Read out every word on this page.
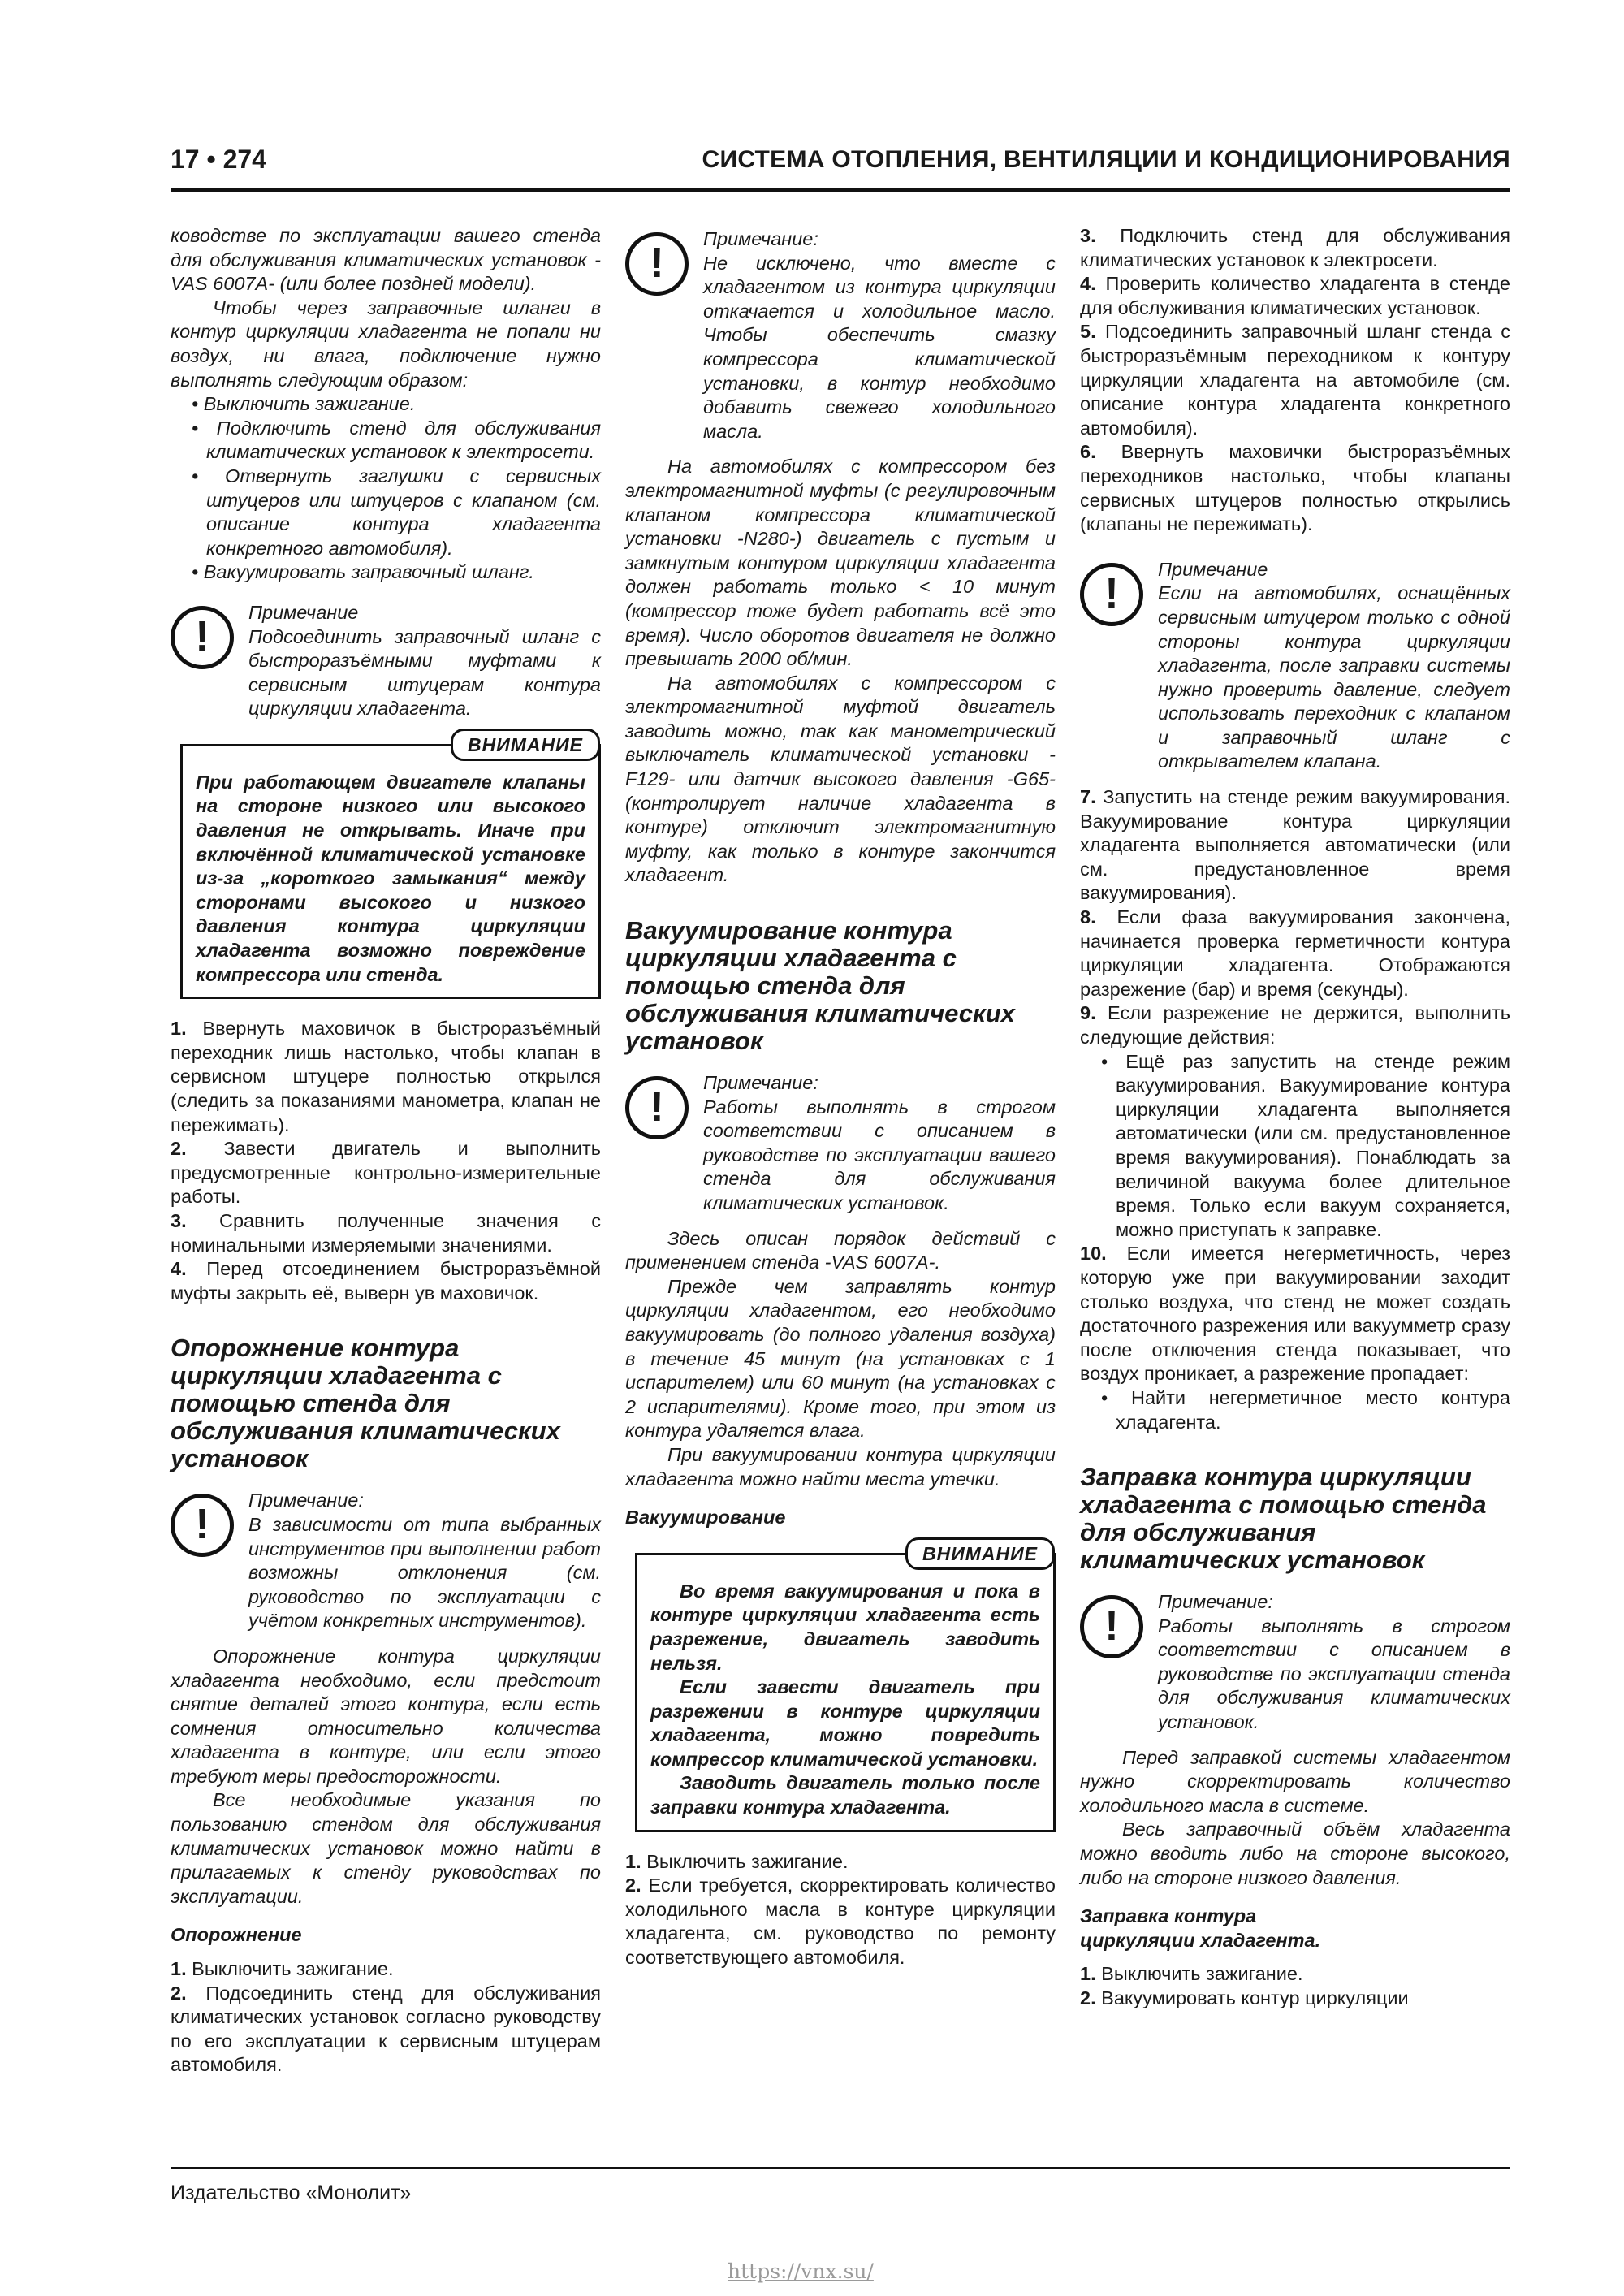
17 • 274	СИСТЕМА ОТОПЛЕНИЯ, ВЕНТИЛЯЦИИ И КОНДИЦИОНИРОВАНИЯ

ководстве по эксплуатации вашего стенда для обслуживания климатических установок -VAS 6007A- (или более поздней модели).

Чтобы через заправочные шланги в контур циркуляции хладагента не попали ни воздух, ни влага, подключение нужно выполнять следующим образом:

• Выключить зажигание.

• Подключить стенд для обслуживания климатических установок к электросети.

• Отвернуть заглушки с сервисных штуцеров или штуцеров с клапаном (см. описание контура хладагента конкретного автомобиля).

• Вакуумировать заправочный шланг.

!

Примечание

Подсоединить заправочный шланг с быстроразъёмными муфтами к сервисным штуцерам контура циркуляции хладагента.

ВНИМАНИЕ

При работающем двигателе клапаны на стороне низкого или высокого давления не открывать. Иначе при включённой климатической установке из-за „короткого замыкания“ между сторонами высокого и низкого давления контура циркуляции хладагента возможно повреждение компрессора или стенда.

1. Ввернуть маховичок в быстроразъёмный переходник лишь настолько, чтобы клапан в сервисном штуцере полностью открылся (следить за показаниями манометра, клапан не пережимать).

2. Завести двигатель и выполнить предусмотренные контрольно-измерительные работы.

3. Сравнить полученные значения с номинальными измеряемыми значениями.

4. Перед отсоединением быстроразъёмной муфты закрыть её, выверн ув маховичок.

Опорожнение контура циркуляции хладагента с помощью стенда для обслуживания климатических установок
!

Примечание:

В зависимости от типа выбранных инструментов при выполнении работ возможны отклонения (см. руководство по эксплуатации с учётом конкретных инструментов).

Опорожнение контура циркуляции хладагента необходимо, если предстоит снятие деталей этого контура, если есть сомнения относительно количества хладагента в контуре, или если этого требуют меры предосторожности.

Все необходимые указания по пользованию стендом для обслуживания климатических установок можно найти в прилагаемых к стенду руководствах по эксплуатации.

Опорожнение

1. Выключить зажигание.

2. Подсоединить стенд для обслуживания климатических установок согласно руководству по его эксплуатации к сервисным штуцерам автомобиля.

!

Примечание:

Не исключено, что вместе с хладагентом из контура циркуляции откачается и холодильное масло. Чтобы обеспечить смазку компрессора климатической установки, в контур необходимо добавить свежего холодильного масла.

На автомобилях с компрессором без электромагнитной муфты (с регулировочным клапаном компрессора климатической установки -N280-) двигатель с пустым и замкнутым контуром циркуляции хладагента должен работать только < 10 минут (компрессор тоже будет работать всё это время). Число оборотов двигателя не должно превышать 2000 об/мин.

На автомобилях с компрессором с электромагнитной муфтой двигатель заводить можно, так как манометрический выключатель климатической установки -F129- или датчик высокого давления -G65- (контролирует наличие хладагента в контуре) отключит электромагнитную муфту, как только в контуре закончится хладагент.

Вакуумирование контура циркуляции хладагента с помощью стенда для обслуживания климатических установок
!

Примечание:

Работы выполнять в строгом соответствии с описанием в руководстве по эксплуатации вашего стенда для обслуживания климатических установок.

Здесь описан порядок действий с применением стенда -VAS 6007A-.

Прежде чем заправлять контур циркуляции хладагентом, его необходимо вакуумировать (до полного удаления воздуха) в течение 45 минут (на установках с 1 испарителем) или 60 минут (на установках с 2 испарителями). Кроме того, при этом из контура удаляется влага.

При вакуумировании контура циркуляции хладагента можно найти места утечки.

Вакуумирование
ВНИМАНИЕ

Во время вакуумирования и пока в контуре циркуляции хладагента есть разрежение, двигатель заводить нельзя.

Если завести двигатель при разрежении в контуре циркуляции хладагента, можно повредить компрессор климатической установки.

Заводить двигатель только после заправки контура хладагента.

1. Выключить зажигание.

2. Если требуется, скорректировать количество холодильного масла в контуре циркуляции хладагента, см. руководство по ремонту соответствующего автомобиля.

3. Подключить стенд для обслуживания климатических установок к электросети.

4. Проверить количество хладагента в стенде для обслуживания климатических установок.

5. Подсоединить заправочный шланг стенда с быстроразъёмным переходником к контуру циркуляции хладагента на автомобиле (см. описание контура хладагента конкретного автомобиля).

6. Ввернуть маховички быстроразъёмных переходников настолько, чтобы клапаны сервисных штуцеров полностью открылись (клапаны не пережимать).

!

Примечание

Если на автомобилях, оснащённых сервисным штуцером только с одной стороны контура циркуляции хладагента, после заправки системы нужно проверить давление, следует использовать переходник с клапаном и заправочный шланг с открывателем клапана.

7. Запустить на стенде режим вакуумирования. Вакуумирование контура циркуляции хладагента выполняется автоматически (или см. предустановленное время вакуумирования).

8. Если фаза вакуумирования закончена, начинается проверка герметичности контура циркуляции хладагента. Отображаются разрежение (бар) и время (секунды).

9. Если разрежение не держится, выполнить следующие действия:

• Ещё раз запустить на стенде режим вакуумирования. Вакуумирование контура циркуляции хладагента выполняется автоматически (или см. предустановленное время вакуумирования). Понаблюдать за величиной вакуума более длительное время. Только если вакуум сохраняется, можно приступать к заправке.

10. Если имеется негерметичность, через которую уже при вакуумировании заходит столько воздуха, что стенд не может создать достаточного разрежения или вакуумметр сразу после отключения стенда показывает, что воздух проникает, а разрежение пропадает:

• Найти негерметичное место контура хладагента.

Заправка контура циркуляции хладагента с помощью стенда для обслуживания климатических установок
!

Примечание:

Работы выполнять в строгом соответствии с описанием в руководстве по эксплуатации стенда для обслуживания климатических установок.

Перед заправкой системы хладагентом нужно скорректировать количество холодильного масла в системе.

Весь заправочный объём хладагента можно вводить либо на стороне высокого, либо на стороне низкого давления.

Заправка контура циркуляции хладагента.

1. Выключить зажигание.

2. Вакуумировать контур циркуляции

Издательство «Монолит»
https://vnx.su/
